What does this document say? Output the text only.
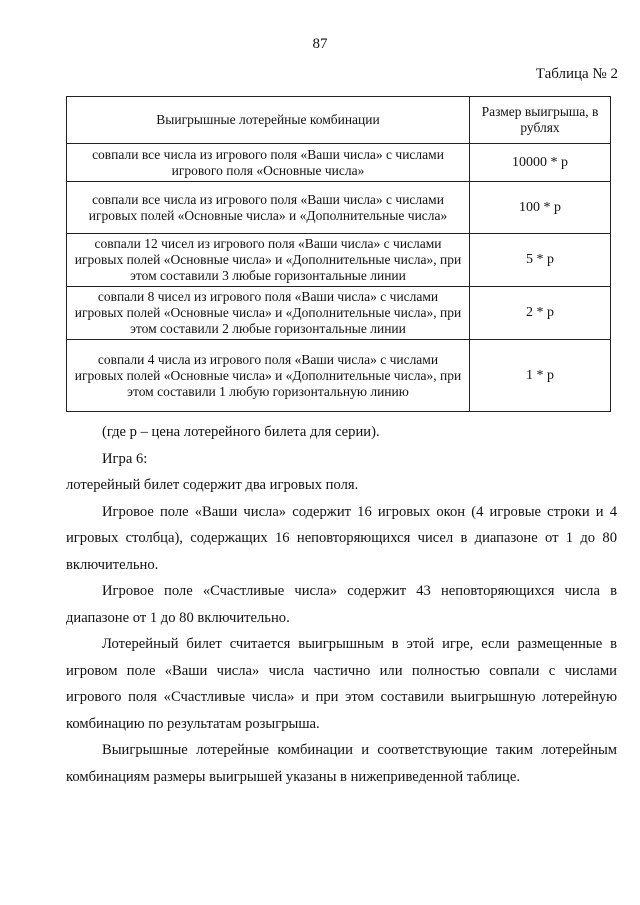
87
Таблица № 2
Выигрышные лотерейные комбинации	Размер выигрыша, в рублях
совпали все числа из игрового поля «Ваши числа» с числами игрового поля «Основные числа»	10000 * р
совпали все числа из игрового поля «Ваши числа» с числами игровых полей «Основные числа» и «Дополнительные числа»	100 * р
совпали 12 чисел из игрового поля «Ваши числа» с числами игровых полей «Основные числа» и «Дополнительные числа», при этом составили 3 любые горизонтальные линии	5 * р
совпали 8 чисел из игрового поля «Ваши числа» с числами игровых полей «Основные числа» и «Дополнительные числа», при этом составили 2 любые горизонтальные линии	2 * р
совпали 4 числа из игрового поля «Ваши числа» с числами игровых полей «Основные числа» и «Дополнительные числа», при этом составили 1 любую горизонтальную линию	1 * р

(где р – цена лотерейного билета для серии).

Игра 6:

лотерейный билет содержит два игровых поля.

Игровое поле «Ваши числа» содержит 16 игровых окон (4 игровые строки и 4 игровых столбца), содержащих 16 неповторяющихся чисел в диапазоне от 1 до 80 включительно.

Игровое поле «Счастливые числа» содержит 43 неповторяющихся числа в диапазоне от 1 до 80 включительно.

Лотерейный билет считается выигрышным в этой игре, если размещенные в игровом поле «Ваши числа» числа частично или полностью совпали с числами игрового поля «Счастливые числа» и при этом составили выигрышную лотерейную комбинацию по результатам розыгрыша.

Выигрышные лотерейные комбинации и соответствующие таким лотерейным комбинациям размеры выигрышей указаны в нижеприведенной таблице.
